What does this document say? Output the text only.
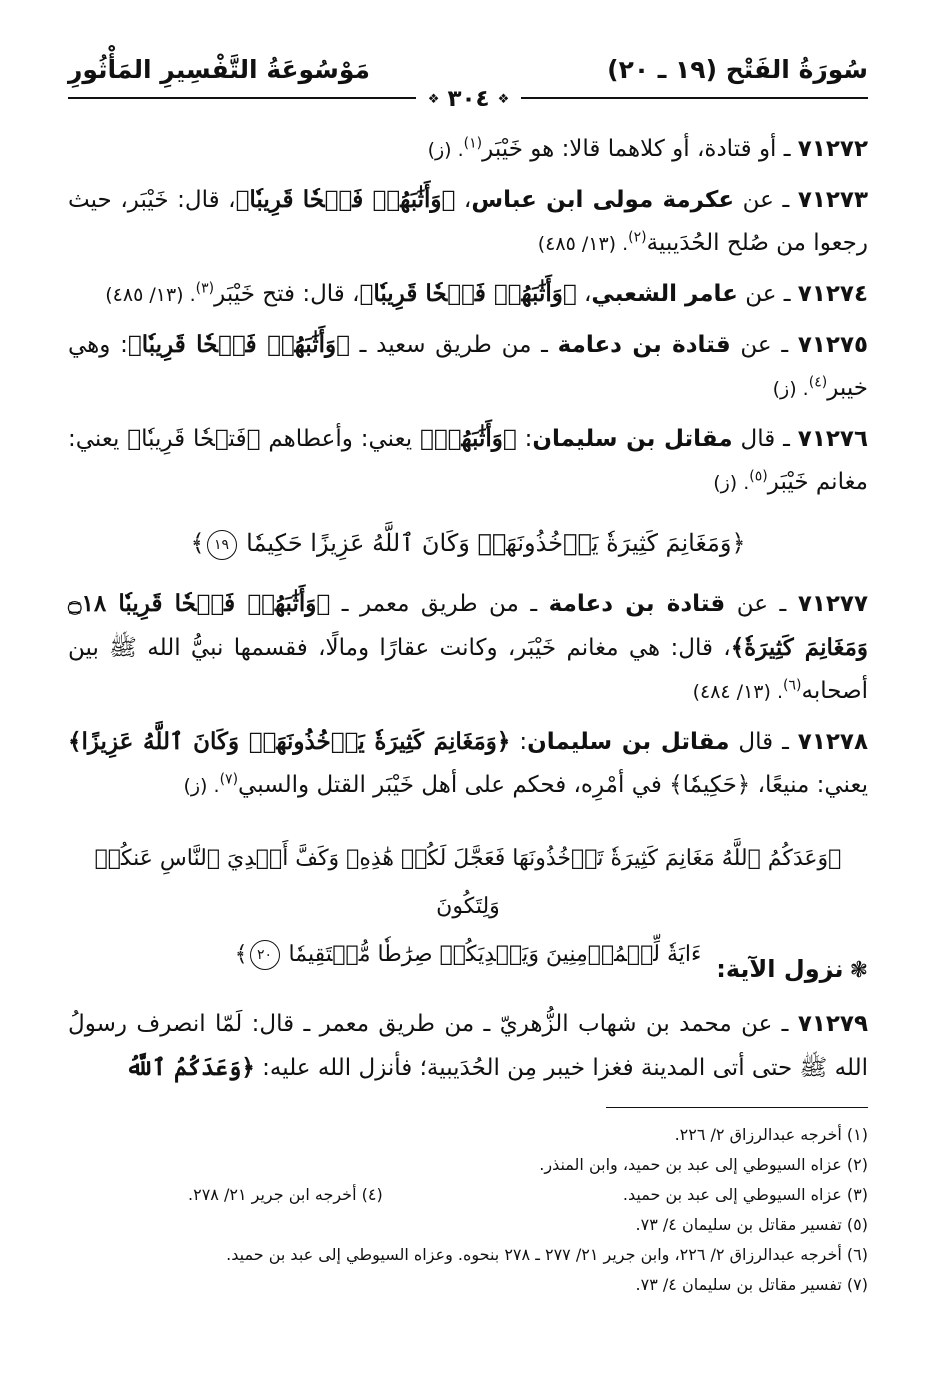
سُورَةُ الفَتْح (١٩ ـ ٢٠)
مَوْسُوعَةُ التَّفْسِيرِ المَأْثُورِ
❖ ٣٠٤ ❖

٧١٢٧٢ ـ أو قتادة، أو كلاهما قالا: هو خَيْبَر$^{(١)}$. (ز)

٧١٢٧٣ ـ عن عكرمة مولى ابن عباس، ﴿وَأَثَٰبَهُمۡ فَتۡحٗا قَرِيبٗا﴾، قال: خَيْبَر، حيث رجعوا من صُلح الحُدَيبية$^{(٢)}$. (١٣/ ٤٨٥)

٧١٢٧٤ ـ عن عامر الشعبي، ﴿وَأَثَٰبَهُمۡ فَتۡحٗا قَرِيبٗا﴾، قال: فتح خَيْبَر$^{(٣)}$. (١٣/ ٤٨٥)

٧١٢٧٥ ـ عن قتادة بن دعامة ـ من طريق سعيد ـ ﴿وَأَثَٰبَهُمۡ فَتۡحٗا قَرِيبٗا﴾: وهي خيبر$^{(٤)}$. (ز)

٧١٢٧٦ ـ قال مقاتل بن سليمان: ﴿وَأَثَٰبَهُمۡ﴾ يعني: وأعطاهم ﴿فَتۡحٗا قَرِيبٗا﴾ يعني: مغانم خَيْبَر$^{(٥)}$. (ز)

﴿وَمَغَانِمَ كَثِيرَةٗ يَأۡخُذُونَهَاۗ وَكَانَ ٱللَّهُ عَزِيزًا حَكِيمٗا ١٩﴾

٧١٢٧٧ ـ عن قتادة بن دعامة ـ من طريق معمر ـ ﴿وَأَثَٰبَهُمۡ فَتۡحٗا قَرِيبٗا ۝١٨ وَمَغَانِمَ كَثِيرَةٗ﴾، قال: هي مغانم خَيْبَر، وكانت عقارًا ومالًا، فقسمها نبيُّ الله ﷺ بين أصحابه$^{(٦)}$. (١٣/ ٤٨٤)

٧١٢٧٨ ـ قال مقاتل بن سليمان: ﴿وَمَغَانِمَ كَثِيرَةٗ يَأۡخُذُونَهَاۗ وَكَانَ ٱللَّهُ عَزِيزًا﴾ يعني: منيعًا، ﴿حَكِيمٗا﴾ في أمْرِه، فحكم على أهل خَيْبَر القتل والسبي$^{(٧)}$. (ز)

﴿وَعَدَكُمُ ٱللَّهُ مَغَانِمَ كَثِيرَةٗ تَأۡخُذُونَهَا فَعَجَّلَ لَكُمۡ هَٰذِهِۦ وَكَفَّ أَيۡدِيَ ٱلنَّاسِ عَنكُمۡ وَلِتَكُونَ
ءَايَةٗ لِّلۡمُؤۡمِنِينَ وَيَهۡدِيَكُمۡ صِرَٰطٗا مُّسۡتَقِيمٗا ٢٠﴾
❃نزول الآية:

٧١٢٧٩ ـ عن محمد بن شهاب الزُّهريّ ـ من طريق معمر ـ قال: لَمّا انصرف رسولُ الله ﷺ حتى أتى المدينة فغزا خيبر مِن الحُدَيبية؛ فأنزل الله عليه: ﴿وَعَدَكُمُ ٱللَّهُ

(١) أخرجه عبدالرزاق ٢/ ٢٢٦.
(٢) عزاه السيوطي إلى عبد بن حميد، وابن المنذر.
(٣) عزاه السيوطي إلى عبد بن حميد.
(٤) أخرجه ابن جرير ٢١/ ٢٧٨.
(٥) تفسير مقاتل بن سليمان ٤/ ٧٣.
(٦) أخرجه عبدالرزاق ٢/ ٢٢٦، وابن جرير ٢١/ ٢٧٧ ـ ٢٧٨ بنحوه. وعزاه السيوطي إلى عبد بن حميد.
(٧) تفسير مقاتل بن سليمان ٤/ ٧٣.
